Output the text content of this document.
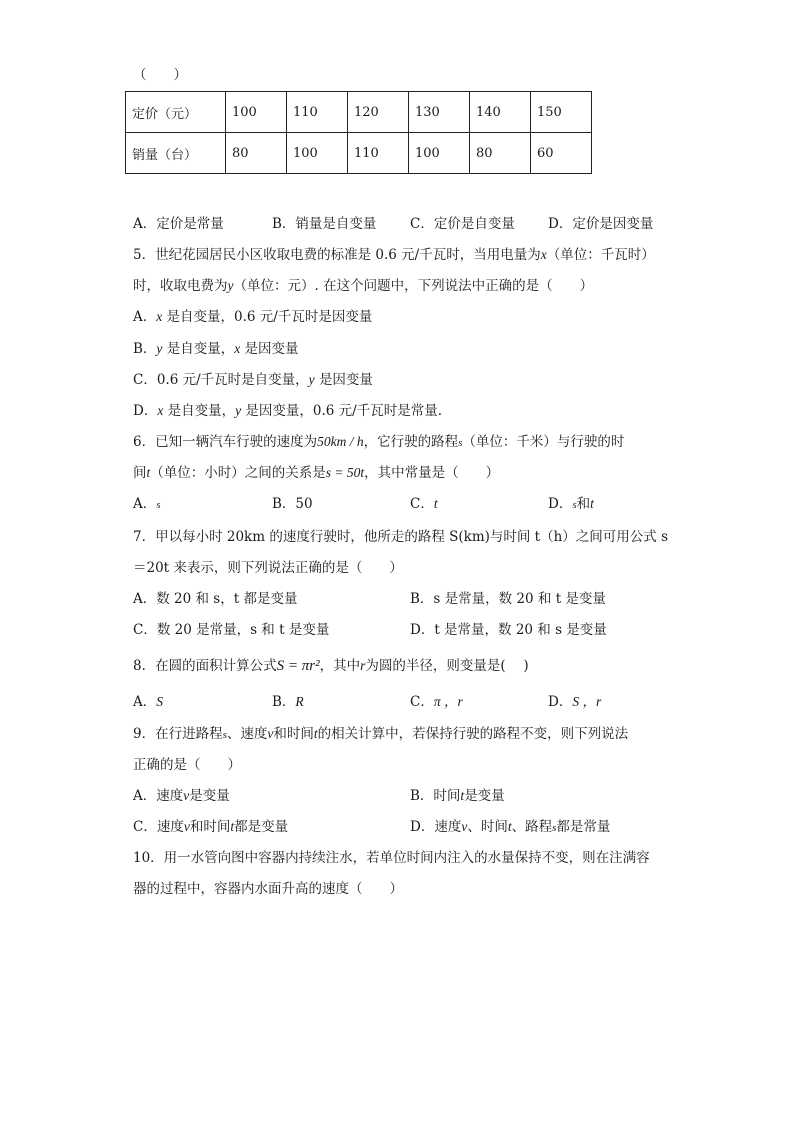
（　　）
定价（元）	100	110	120	130	140	150
销量（台）	80	100	110	100	80	60
A．定价是常量	B．销量是自变量 C．定价是自变量 D．定价是因变量
5．世纪花园居民小区收取电费的标准是 0.6 元/千瓦时，当用电量为x（单位：千瓦时）
时，收取电费为y（单位：元）. 在这个问题中，下列说法中正确的是（　　）
A．x 是自变量，0.6 元/千瓦时是因变量
B．y 是自变量，x 是因变量
C．0.6 元/千瓦时是自变量，y 是因变量
D．x 是自变量，y 是因变量，0.6 元/千瓦时是常量.
6．已知一辆汽车行驶的速度为50km / h，它行驶的路程s（单位：千米）与行驶的时
间t（单位：小时）之间的关系是s = 50t，其中常量是（　　）
A．s	B．50	C．t	D．s和t
7．甲以每小时 20km 的速度行驶时，他所走的路程 S(km)与时间 t（h）之间可用公式 s
＝20t 来表示，则下列说法正确的是（　　）
A．数 20 和 s，t 都是变量	B．s 是常量，数 20 和 t 是变量
C．数 20 是常量，s 和 t 是变量	D．t 是常量，数 20 和 s 是变量
8．在圆的面积计算公式S = πr²，其中r为圆的半径，则变量是(　 )
A．S	B．R	C．π ，r	D．S ，r
9．在行进路程s、速度v和时间t的相关计算中，若保持行驶的路程不变，则下列说法
正确的是（　　）
A．速度v是变量	B．时间t是变量
C．速度v和时间t都是变量	D．速度v、时间t、路程s都是常量
10．用一水管向图中容器内持续注水，若单位时间内注入的水量保持不变，则在注满容
器的过程中，容器内水面升高的速度（　　）
